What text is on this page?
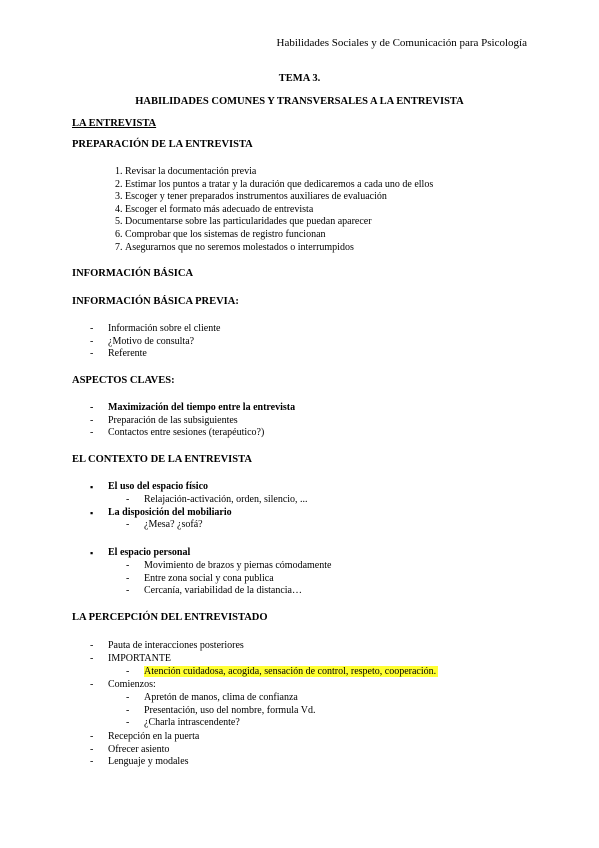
Habilidades Sociales y de Comunicación para Psicología
TEMA 3.
HABILIDADES COMUNES Y TRANSVERSALES A LA ENTREVISTA
LA ENTREVISTA
PREPARACIÓN DE LA ENTREVISTA
1. Revisar la documentación previa
2. Estimar los puntos a tratar y la duración que dedicaremos a cada uno de ellos
3. Escoger y tener preparados instrumentos auxiliares de evaluación
4. Escoger el formato más adecuado de entrevista
5. Documentarse sobre las particularidades que puedan aparecer
6. Comprobar que los sistemas de registro funcionan
7. Asegurarnos que no seremos molestados o interrumpidos
INFORMACIÓN BÁSICA
INFORMACIÓN BÁSICA PREVIA:
- Información sobre el cliente
- ¿Motivo de consulta?
- Referente
ASPECTOS CLAVES:
- Maximización del tiempo entre la entrevista
- Preparación de las subsiguientes
- Contactos entre sesiones (terapéutico?)
EL CONTEXTO DE LA ENTREVISTA
▪ El uso del espacio físico
- Relajación-activación, orden, silencio, ...
▪ La disposición del mobiliario
- ¿Mesa? ¿sofá?
▪ El espacio personal
- Movimiento de brazos y piernas cómodamente
- Entre zona social y cona publica
- Cercanía, variabilidad de la distancia…
LA PERCEPCIÓN DEL ENTREVISTADO
- Pauta de interacciones posteriores
- IMPORTANTE
- Atención cuidadosa, acogida, sensación de control, respeto, cooperación.
- Comienzos:
- Apretón de manos, clima de confianza
- Presentación, uso del nombre, formula Vd.
- ¿Charla intrascendente?
- Recepción en la puerta
- Ofrecer asiento
- Lenguaje y modales
